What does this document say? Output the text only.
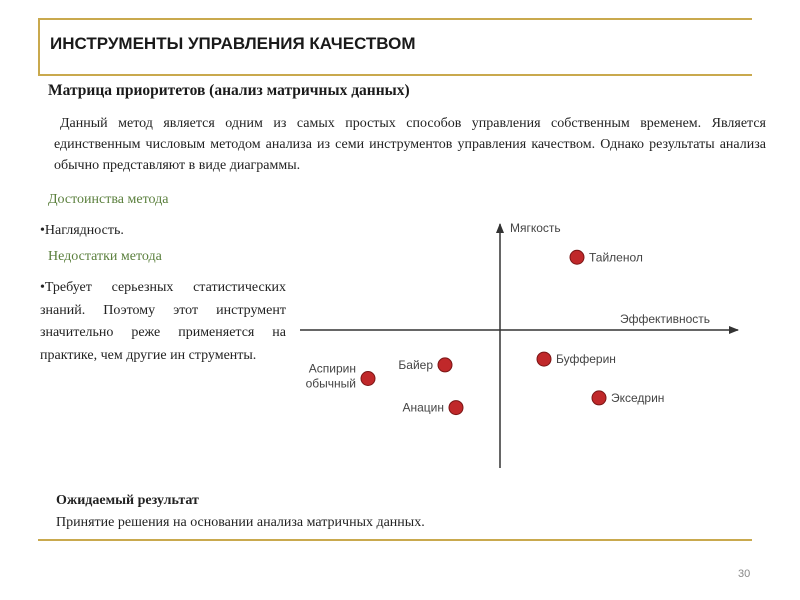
ИНСТРУМЕНТЫ УПРАВЛЕНИЯ КАЧЕСТВОМ
Матрица приоритетов (анализ матричных данных)
Данный метод является одним из самых простых способов управления собственным временем. Является единственным числовым методом анализа из семи инструментов управления качеством. Однако результаты анализа обычно представляют в виде диаграммы.
Достоинства метода
•Наглядность.
Недостатки метода
•Требует серьезных статистических знаний. Поэтому этот инструмент значительно реже применяется на практике, чем другие ин струменты.
Мягкость
Эффективность
Тайленол
Буфферин
Экседрин
Байер
Аспирин обычный
Анацин
Ожидаемый результат
Принятие решения на основании анализа матричных данных.
30
